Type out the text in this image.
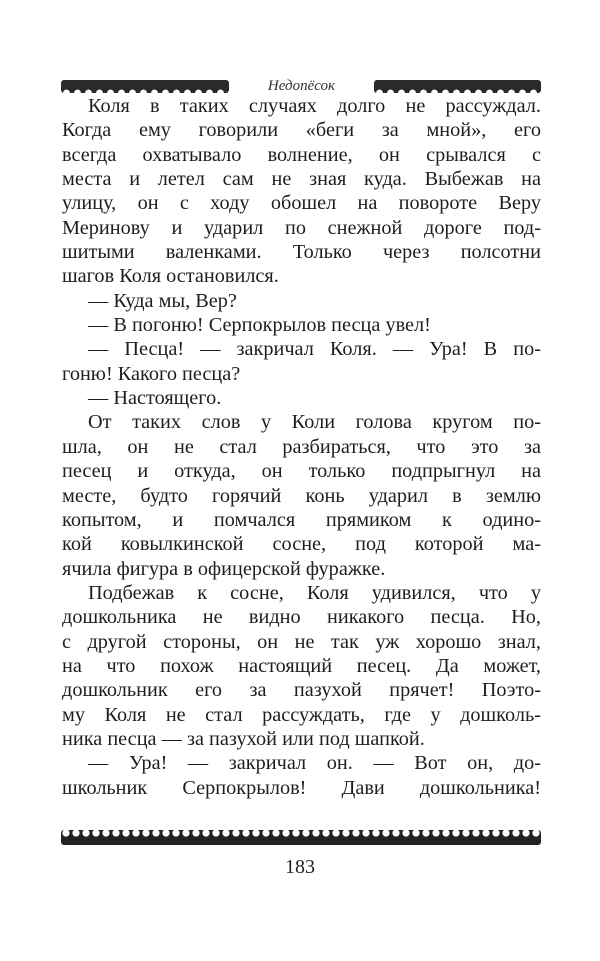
Недопёсок
Коля в таких случаях долго не рассуждал.
Когда ему говорили «беги за мной», его
всегда охватывало волнение, он срывался с
места и летел сам не зная куда. Выбежав на
улицу, он с ходу обошел на повороте Веру
Меринову и ударил по снежной дороге под-
шитыми валенками. Только через полсотни
шагов Коля остановился.
— Куда мы, Вер?
— В погоню! Серпокрылов песца увел!
— Песца! — закричал Коля. — Ура! В по-
гоню! Какого песца?
— Настоящего.
От таких слов у Коли голова кругом по-
шла, он не стал разбираться, что это за
песец и откуда, он только подпрыгнул на
месте, будто горячий конь ударил в землю
копытом, и помчался прямиком к одино-
кой ковылкинской сосне, под которой ма-
ячила фигура в офицерской фуражке.
Подбежав к сосне, Коля удивился, что у
дошкольника не видно никакого песца. Но,
с другой стороны, он не так уж хорошо знал,
на что похож настоящий песец. Да может,
дошкольник его за пазухой прячет! Поэто-
му Коля не стал рассуждать, где у дошколь-
ника песца — за пазухой или под шапкой.
— Ура! — закричал он. — Вот он, до-
школьник Серпокрылов! Дави дошкольника!
183
